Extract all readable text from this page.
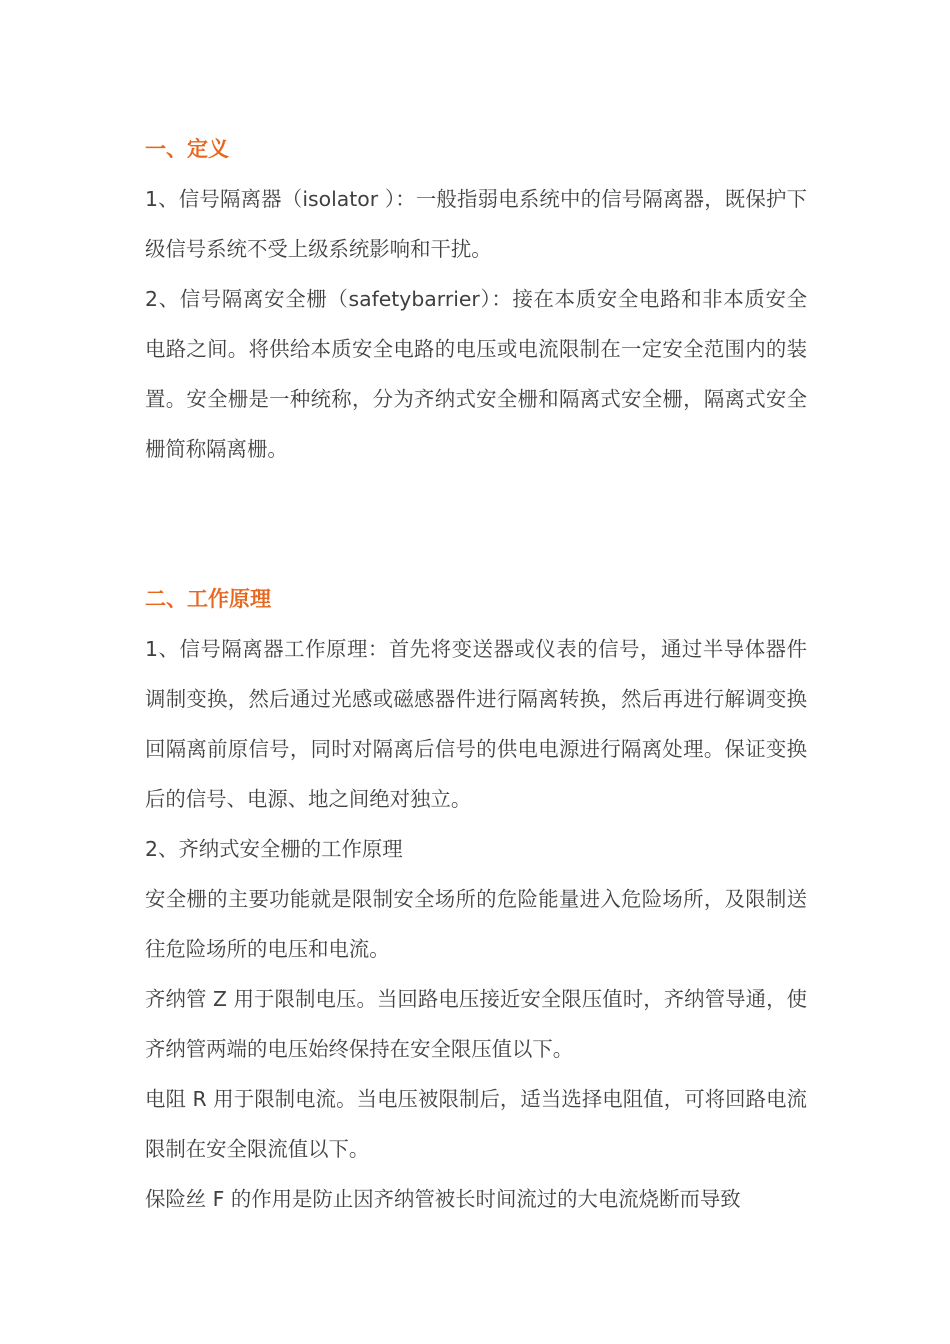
一、定义

1、信号隔离器（isolator ）：一般指弱电系统中的信号隔离器，既保护下级信号系统不受上级系统影响和干扰。

2、信号隔离安全栅（safetybarrier）：接在本质安全电路和非本质安全电路之间。将供给本质安全电路的电压或电流限制在一定安全范围内的装置。安全栅是一种统称，分为齐纳式安全栅和隔离式安全栅，隔离式安全栅简称隔离栅。

二、工作原理

1、信号隔离器工作原理：首先将变送器或仪表的信号，通过半导体器件调制变换，然后通过光感或磁感器件进行隔离转换，然后再进行解调变换回隔离前原信号，同时对隔离后信号的供电电源进行隔离处理。保证变换后的信号、电源、地之间绝对独立。

2、齐纳式安全栅的工作原理

安全栅的主要功能就是限制安全场所的危险能量进入危险场所，及限制送往危险场所的电压和电流。

齐纳管 Z 用于限制电压。当回路电压接近安全限压值时，齐纳管导通，使齐纳管两端的电压始终保持在安全限压值以下。

电阻 R 用于限制电流。当电压被限制后，适当选择电阻值，可将回路电流限制在安全限流值以下。

保险丝 F 的作用是防止因齐纳管被长时间流过的大电流烧断而导致
